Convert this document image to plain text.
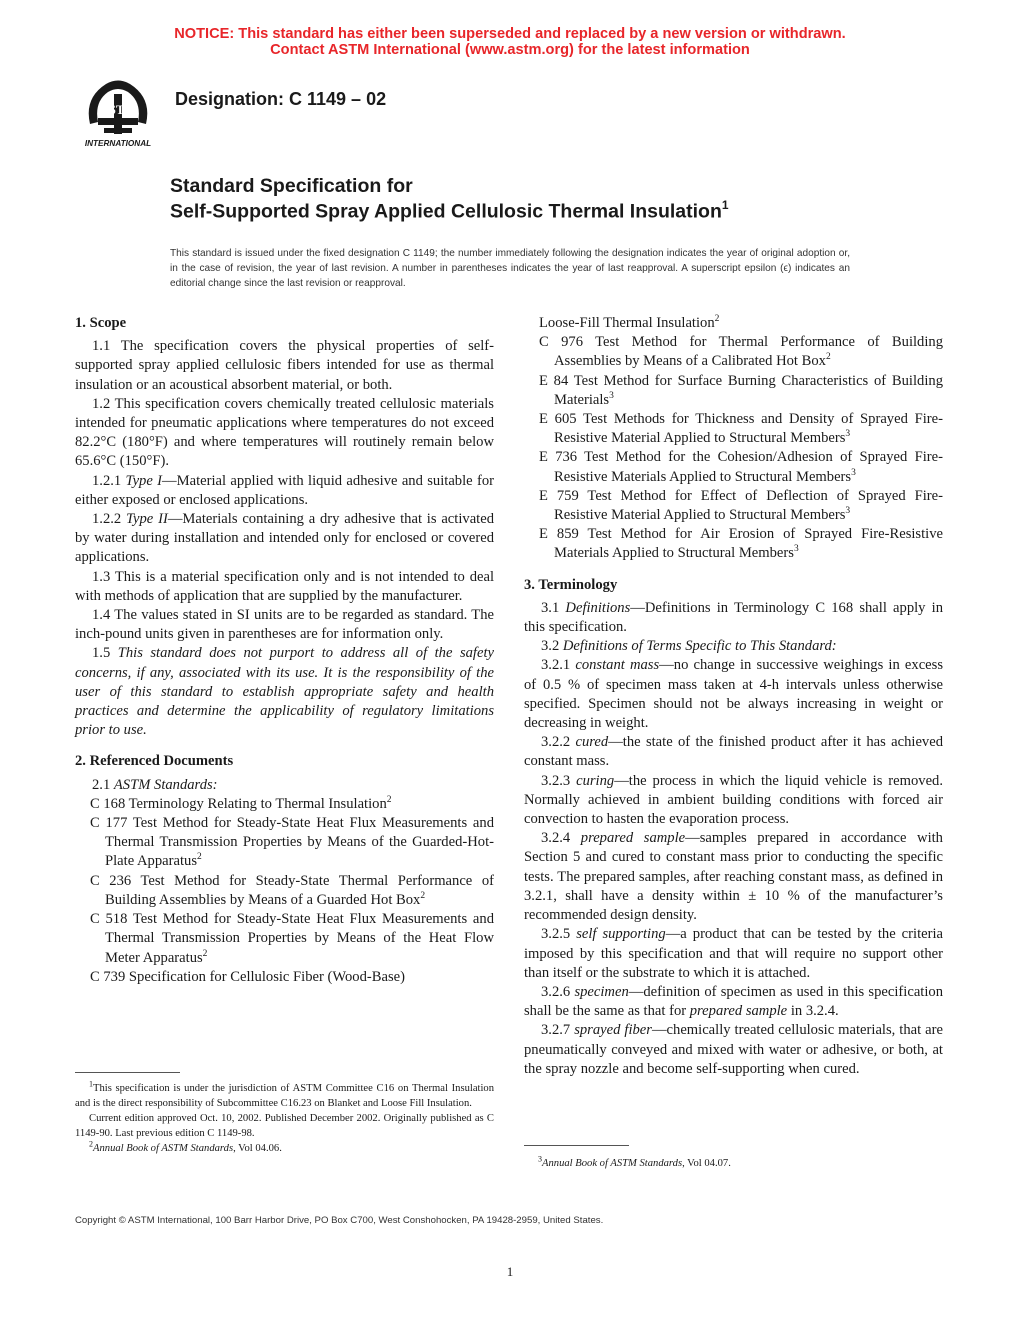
NOTICE: This standard has either been superseded and replaced by a new version or withdrawn.
Contact ASTM International (www.astm.org) for the latest information
ASTM
INTERNATIONAL
Designation: C 1149 – 02
Standard Specification for
Self-Supported Spray Applied Cellulosic Thermal Insulation$^1$
This standard is issued under the fixed designation C 1149; the number immediately following the designation indicates the year of original adoption or, in the case of revision, the year of last revision. A number in parentheses indicates the year of last reapproval. A superscript epsilon (ϵ) indicates an editorial change since the last revision or reapproval.
1. Scope

1.1 The specification covers the physical properties of self-supported spray applied cellulosic fibers intended for use as thermal insulation or an acoustical absorbent material, or both.

1.2 This specification covers chemically treated cellulosic materials intended for pneumatic applications where temperatures do not exceed 82.2°C (180°F) and where temperatures will routinely remain below 65.6°C (150°F).

1.2.1 Type I—Material applied with liquid adhesive and suitable for either exposed or enclosed applications.

1.2.2 Type II—Materials containing a dry adhesive that is activated by water during installation and intended only for enclosed or covered applications.

1.3 This is a material specification only and is not intended to deal with methods of application that are supplied by the manufacturer.

1.4 The values stated in SI units are to be regarded as standard. The inch-pound units given in parentheses are for information only.

1.5 This standard does not purport to address all of the safety concerns, if any, associated with its use. It is the responsibility of the user of this standard to establish appropriate safety and health practices and determine the applicability of regulatory limitations prior to use.

2. Referenced Documents

2.1 ASTM Standards:

C 168 Terminology Relating to Thermal Insulation$^2$

C 177 Test Method for Steady-State Heat Flux Measurements and Thermal Transmission Properties by Means of the Guarded-Hot-Plate Apparatus$^2$

C 236 Test Method for Steady-State Thermal Performance of Building Assemblies by Means of a Guarded Hot Box$^2$

C 518 Test Method for Steady-State Heat Flux Measurements and Thermal Transmission Properties by Means of the Heat Flow Meter Apparatus$^2$

C 739 Specification for Cellulosic Fiber (Wood-Base)

$^1$This specification is under the jurisdiction of ASTM Committee C16 on Thermal Insulation and is the direct responsibility of Subcommittee C16.23 on Blanket and Loose Fill Insulation.

Current edition approved Oct. 10, 2002. Published December 2002. Originally published as C 1149-90. Last previous edition C 1149-98.

$^2$Annual Book of ASTM Standards, Vol 04.06.

Loose-Fill Thermal Insulation$^2$

C 976 Test Method for Thermal Performance of Building Assemblies by Means of a Calibrated Hot Box$^2$

E 84 Test Method for Surface Burning Characteristics of Building Materials$^3$

E 605 Test Methods for Thickness and Density of Sprayed Fire-Resistive Material Applied to Structural Members$^3$

E 736 Test Method for the Cohesion/Adhesion of Sprayed Fire-Resistive Materials Applied to Structural Members$^3$

E 759 Test Method for Effect of Deflection of Sprayed Fire-Resistive Material Applied to Structural Members$^3$

E 859 Test Method for Air Erosion of Sprayed Fire-Resistive Materials Applied to Structural Members$^3$

3. Terminology

3.1 Definitions—Definitions in Terminology C 168 shall apply in this specification.

3.2 Definitions of Terms Specific to This Standard:

3.2.1 constant mass—no change in successive weighings in excess of 0.5 % of specimen mass taken at 4-h intervals unless otherwise specified. Specimen should not be always increasing in weight or decreasing in weight.

3.2.2 cured—the state of the finished product after it has achieved constant mass.

3.2.3 curing—the process in which the liquid vehicle is removed. Normally achieved in ambient building conditions with forced air convection to hasten the evaporation process.

3.2.4 prepared sample—samples prepared in accordance with Section 5 and cured to constant mass prior to conducting the specific tests. The prepared samples, after reaching constant mass, as defined in 3.2.1, shall have a density within ± 10 % of the manufacturer’s recommended design density.

3.2.5 self supporting—a product that can be tested by the criteria imposed by this specification and that will require no support other than itself or the substrate to which it is attached.

3.2.6 specimen—definition of specimen as used in this specification shall be the same as that for prepared sample in 3.2.4.

3.2.7 sprayed fiber—chemically treated cellulosic materials, that are pneumatically conveyed and mixed with water or adhesive, or both, at the spray nozzle and become self-supporting when cured.

$^3$Annual Book of ASTM Standards, Vol 04.07.

Copyright © ASTM International, 100 Barr Harbor Drive, PO Box C700, West Conshohocken, PA 19428-2959, United States.
1
